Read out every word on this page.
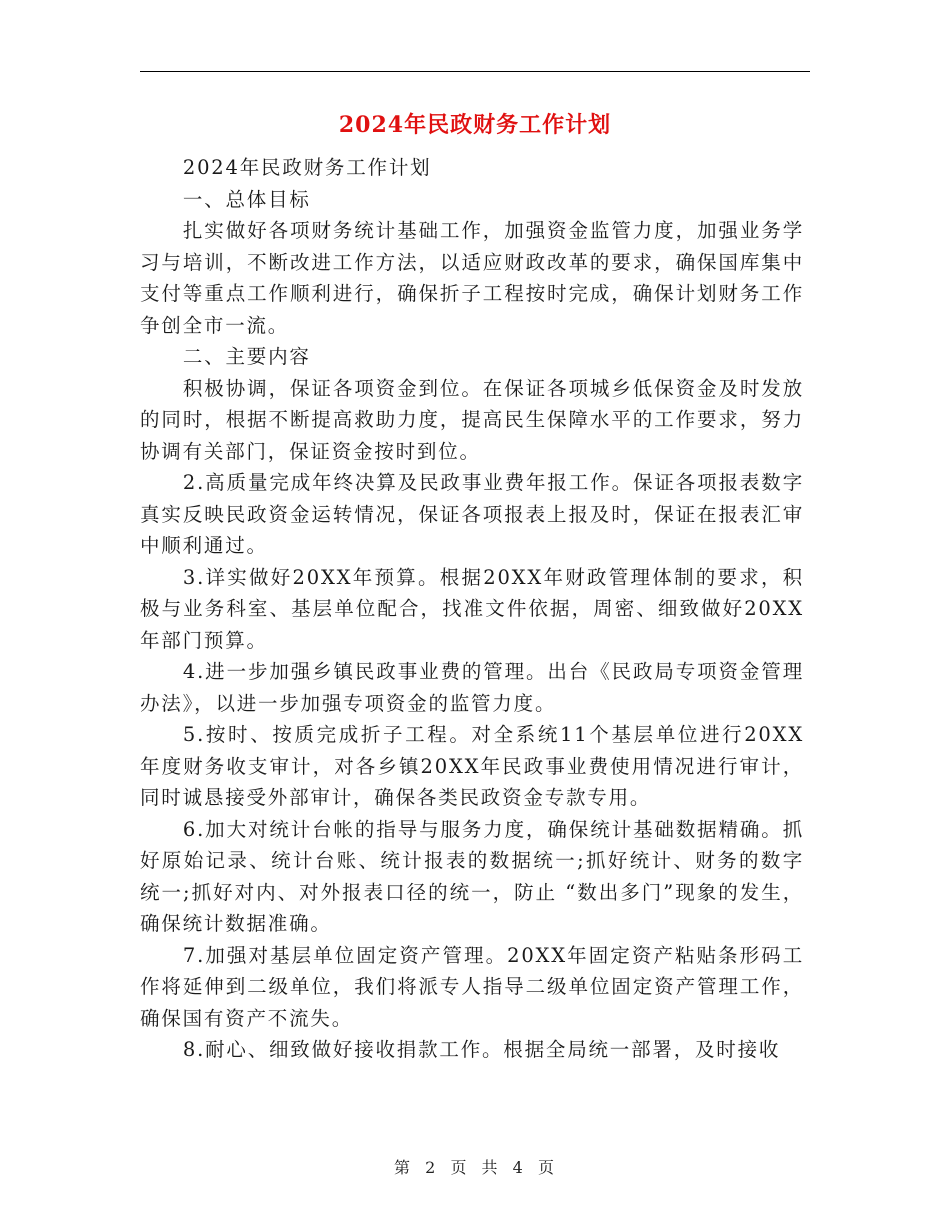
2024年民政财务工作计划

2024年民政财务工作计划

一、总体目标

扎实做好各项财务统计基础工作，加强资金监管力度，加强业务学习与培训，不断改进工作方法，以适应财政改革的要求，确保国库集中支付等重点工作顺利进行，确保折子工程按时完成，确保计划财务工作争创全市一流。

二、主要内容

积极协调，保证各项资金到位。在保证各项城乡低保资金及时发放的同时，根据不断提高救助力度，提高民生保障水平的工作要求，努力协调有关部门，保证资金按时到位。

2.高质量完成年终决算及民政事业费年报工作。保证各项报表数字真实反映民政资金运转情况，保证各项报表上报及时，保证在报表汇审中顺利通过。

3.详实做好20XX年预算。根据20XX年财政管理体制的要求，积极与业务科室、基层单位配合，找准文件依据，周密、细致做好20XX年部门预算。

4.进一步加强乡镇民政事业费的管理。出台《民政局专项资金管理办法》，以进一步加强专项资金的监管力度。

5.按时、按质完成折子工程。对全系统11个基层单位进行20XX年度财务收支审计，对各乡镇20XX年民政事业费使用情况进行审计，同时诚恳接受外部审计，确保各类民政资金专款专用。

6.加大对统计台帐的指导与服务力度，确保统计基础数据精确。抓好原始记录、统计台账、统计报表的数据统一;抓好统计、财务的数字统一;抓好对内、对外报表口径的统一，防止 “数出多门”现象的发生，确保统计数据准确。

7.加强对基层单位固定资产管理。20XX年固定资产粘贴条形码工作将延伸到二级单位，我们将派专人指导二级单位固定资产管理工作，确保国有资产不流失。

8.耐心、细致做好接收捐款工作。根据全局统一部署，及时接收

第 2 页 共 4 页
